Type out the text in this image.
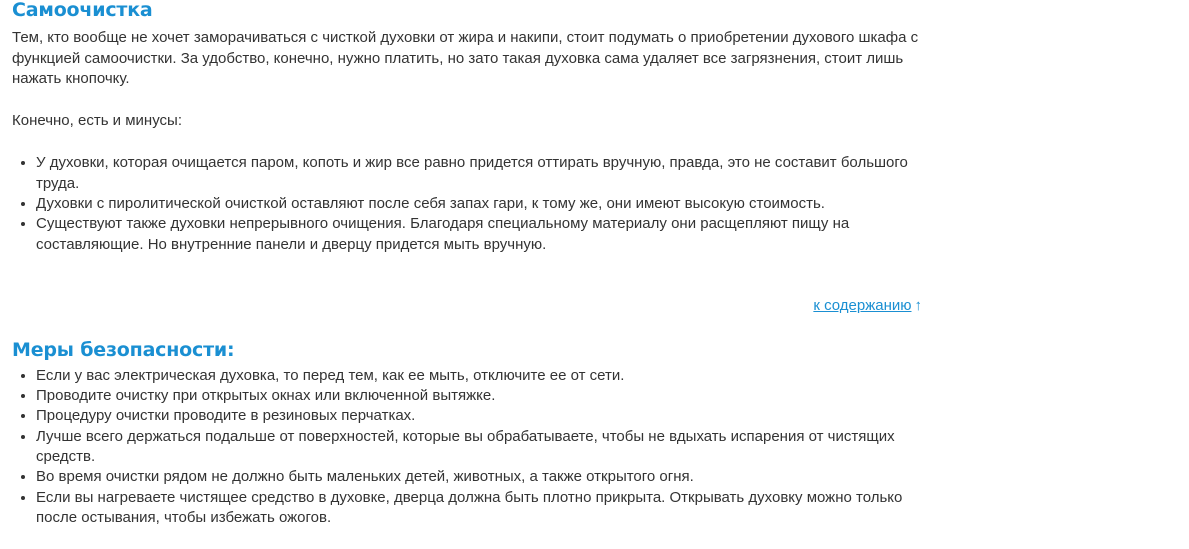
Самоочистка

Тем, кто вообще не хочет заморачиваться с чисткой духовки от жира и накипи, стоит подумать о приобретении духового шкафа с функцией самоочистки. За удобство, конечно, нужно платить, но зато такая духовка сама удаляет все загрязнения, стоит лишь нажать кнопочку.

Конечно, есть и минусы:

• У духовки, которая очищается паром, копоть и жир все равно придется оттирать вручную, правда, это не составит большого труда.
• Духовки с пиролитической очисткой оставляют после себя запах гари, к тому же, они имеют высокую стоимость.
• Существуют также духовки непрерывного очищения. Благодаря специальному материалу они расщепляют пищу на составляющие. Но внутренние панели и дверцу придется мыть вручную.
к содержанию ↑
Меры безопасности:
• Если у вас электрическая духовка, то перед тем, как ее мыть, отключите ее от сети.
• Проводите очистку при открытых окнах или включенной вытяжке.
• Процедуру очистки проводите в резиновых перчатках.
• Лучше всего держаться подальше от поверхностей, которые вы обрабатываете, чтобы не вдыхать испарения от чистящих средств.
• Во время очистки рядом не должно быть маленьких детей, животных, а также открытого огня.
• Если вы нагреваете чистящее средство в духовке, дверца должна быть плотно прикрыта. Открывать духовку можно только после остывания, чтобы избежать ожогов.
